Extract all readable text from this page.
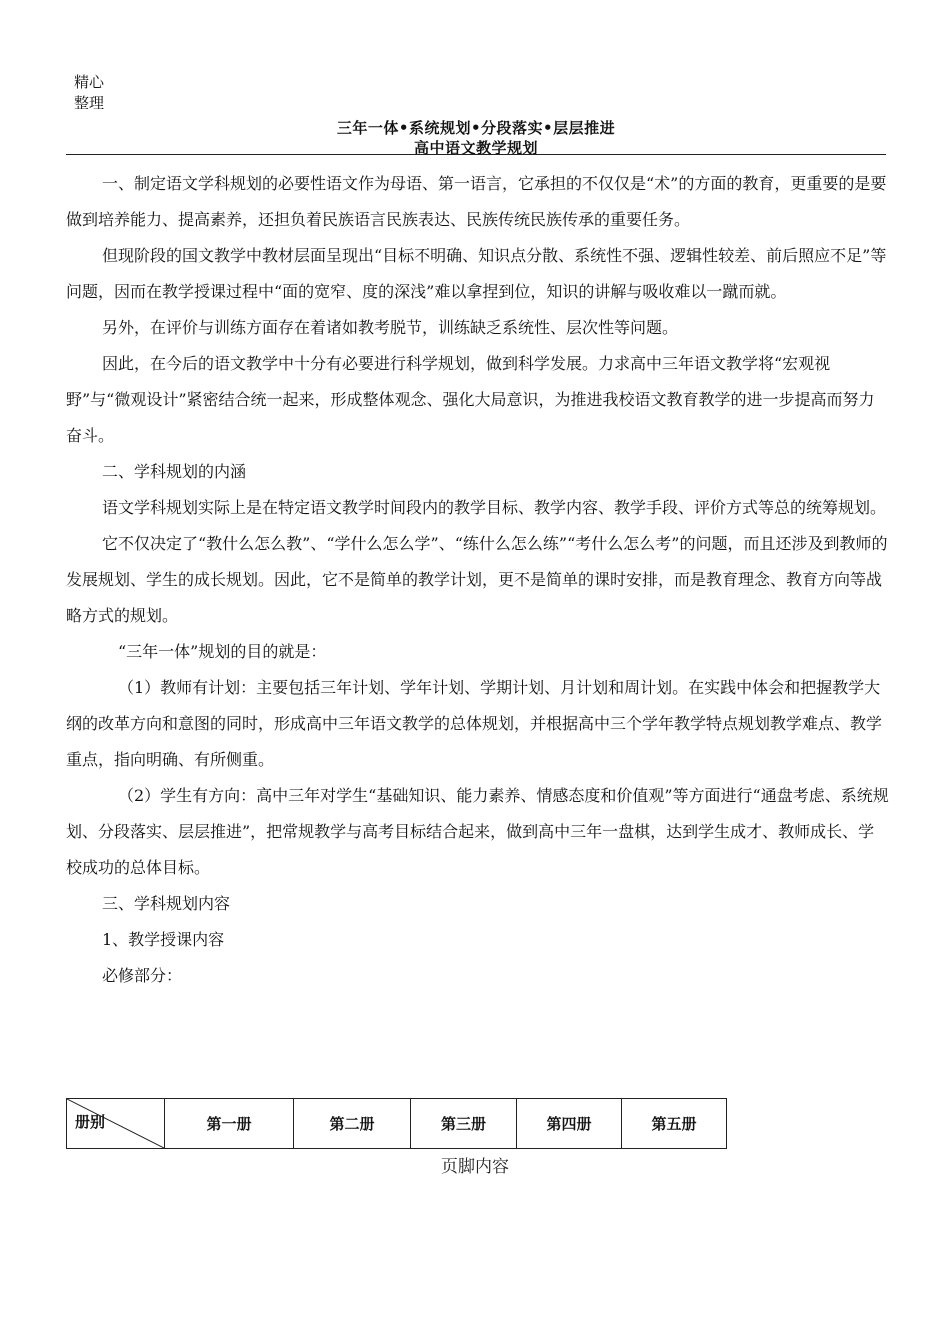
精心整理
三年一体•系统规划•分段落实•层层推进
高中语文教学规划

一、制定语文学科规划的必要性语文作为母语、第一语言，它承担的不仅仅是“术”的方面的教育，更重要的是要做到培养能力、提高素养，还担负着民族语言民族表达、民族传统民族传承的重要任务。

但现阶段的国文教学中教材层面呈现出“目标不明确、知识点分散、系统性不强、逻辑性较差、前后照应不足”等问题，因而在教学授课过程中“面的宽窄、度的深浅”难以拿捏到位，知识的讲解与吸收难以一蹴而就。

另外，在评价与训练方面存在着诸如教考脱节，训练缺乏系统性、层次性等问题。

因此，在今后的语文教学中十分有必要进行科学规划，做到科学发展。力求高中三年语文教学将“宏观视野”与“微观设计”紧密结合统一起来，形成整体观念、强化大局意识，为推进我校语文教育教学的进一步提高而努力奋斗。

二、学科规划的内涵

语文学科规划实际上是在特定语文教学时间段内的教学目标、教学内容、教学手段、评价方式等总的统筹规划。

它不仅决定了“教什么怎么教”、“学什么怎么学”、“练什么怎么练”“考什么怎么考”的问题，而且还涉及到教师的发展规划、学生的成长规划。因此，它不是简单的教学计划，更不是简单的课时安排，而是教育理念、教育方向等战略方式的规划。

“三年一体”规划的目的就是：

（1）教师有计划：主要包括三年计划、学年计划、学期计划、月计划和周计划。在实践中体会和把握教学大纲的改革方向和意图的同时，形成高中三年语文教学的总体规划，并根据高中三个学年教学特点规划教学难点、教学重点，指向明确、有所侧重。

（2）学生有方向：高中三年对学生“基础知识、能力素养、情感态度和价值观”等方面进行“通盘考虑、系统规划、分段落实、层层推进”，把常规教学与高考目标结合起来，做到高中三年一盘棋，达到学生成才、教师成长、学校成功的总体目标。

三、学科规划内容

1、教学授课内容

必修部分：

册别	第一册	第二册	第三册	第四册	第五册
页脚内容
